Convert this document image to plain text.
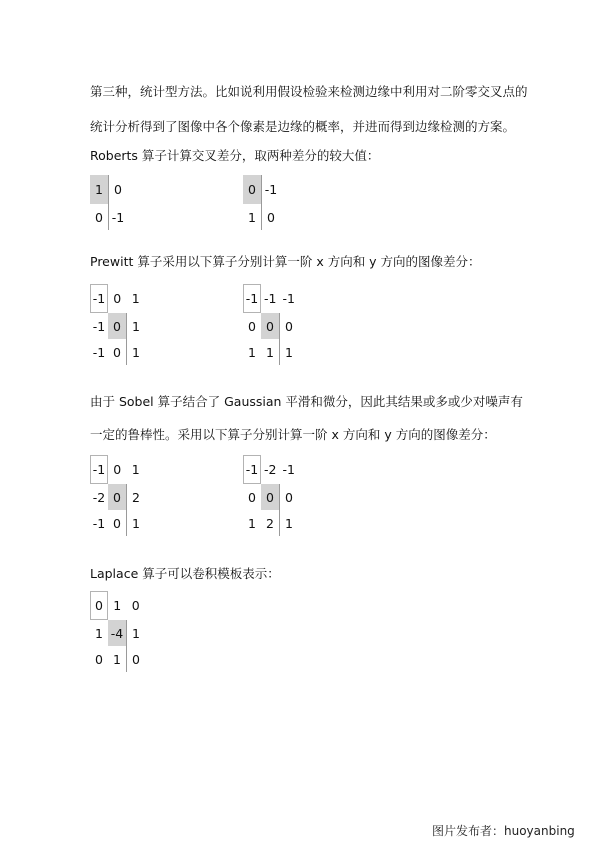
第三种，统计型方法。比如说利用假设检验来检测边缘中利用对二阶零交叉点的

统计分析得到了图像中各个像素是边缘的概率，并进而得到边缘检测的方案。

Roberts 算子计算交叉差分，取两种差分的较大值：

1	0
0	-1
0	-1
1	0

Prewitt 算子采用以下算子分别计算一阶 x 方向和 y 方向的图像差分：

-1	0	1
-1	0	1
-1	0	1
-1	-1	-1
0	0	0
1	1	1

由于 Sobel 算子结合了 Gaussian 平滑和微分，因此其结果或多或少对噪声有

一定的鲁棒性。采用以下算子分别计算一阶 x 方向和 y 方向的图像差分：

-1	0	1
-2	0	2
-1	0	1
-1	-2	-1
0	0	0
1	2	1

Laplace 算子可以卷积模板表示：

0	1	0
1	-4	1
0	1	0
图片发布者：huoyanbing
